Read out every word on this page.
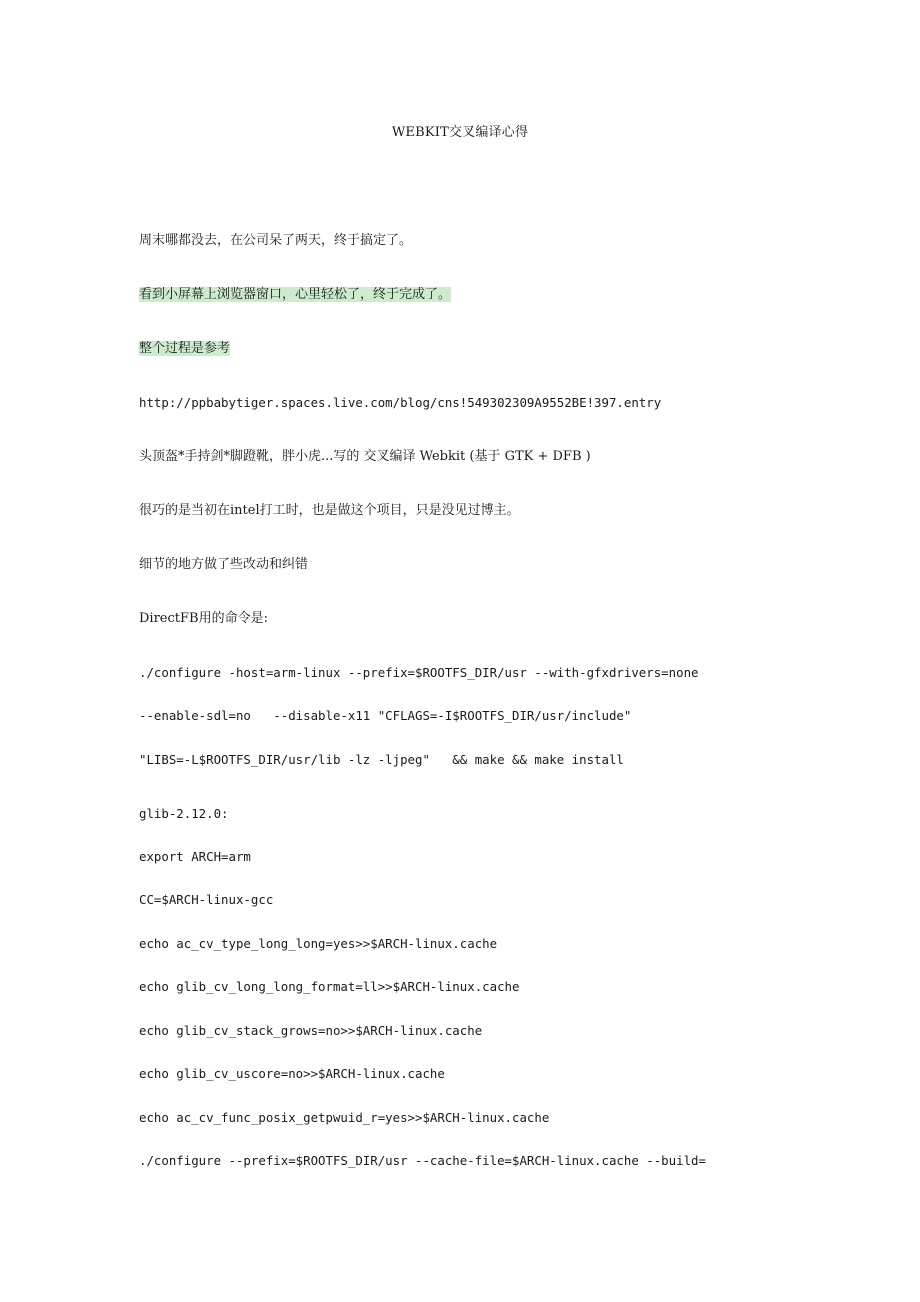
WEBKIT交叉编译心得
周末哪都没去，在公司呆了两天，终于搞定了。
看到小屏幕上浏览器窗口，心里轻松了，终于完成了。
整个过程是参考
http://ppbabytiger.spaces.live.com/blog/cns!549302309A9552BE!397.entry
头顶盔*手持剑*脚蹬靴，胖小虎...写的 交叉编译 Webkit (基于 GTK + DFB )
很巧的是当初在intel打工时，也是做这个项目，只是没见过博主。
细节的地方做了些改动和纠错
DirectFB用的命令是:
./configure -host=arm-linux --prefix=$ROOTFS_DIR/usr --with-gfxdrivers=none
--enable-sdl=no   --disable-x11 "CFLAGS=-I$ROOTFS_DIR/usr/include"
"LIBS=-L$ROOTFS_DIR/usr/lib -lz -ljpeg"   && make && make install
glib-2.12.0:
export ARCH=arm
CC=$ARCH-linux-gcc
echo ac_cv_type_long_long=yes>>$ARCH-linux.cache
echo glib_cv_long_long_format=ll>>$ARCH-linux.cache
echo glib_cv_stack_grows=no>>$ARCH-linux.cache
echo glib_cv_uscore=no>>$ARCH-linux.cache
echo ac_cv_func_posix_getpwuid_r=yes>>$ARCH-linux.cache
./configure --prefix=$ROOTFS_DIR/usr --cache-file=$ARCH-linux.cache --build=
